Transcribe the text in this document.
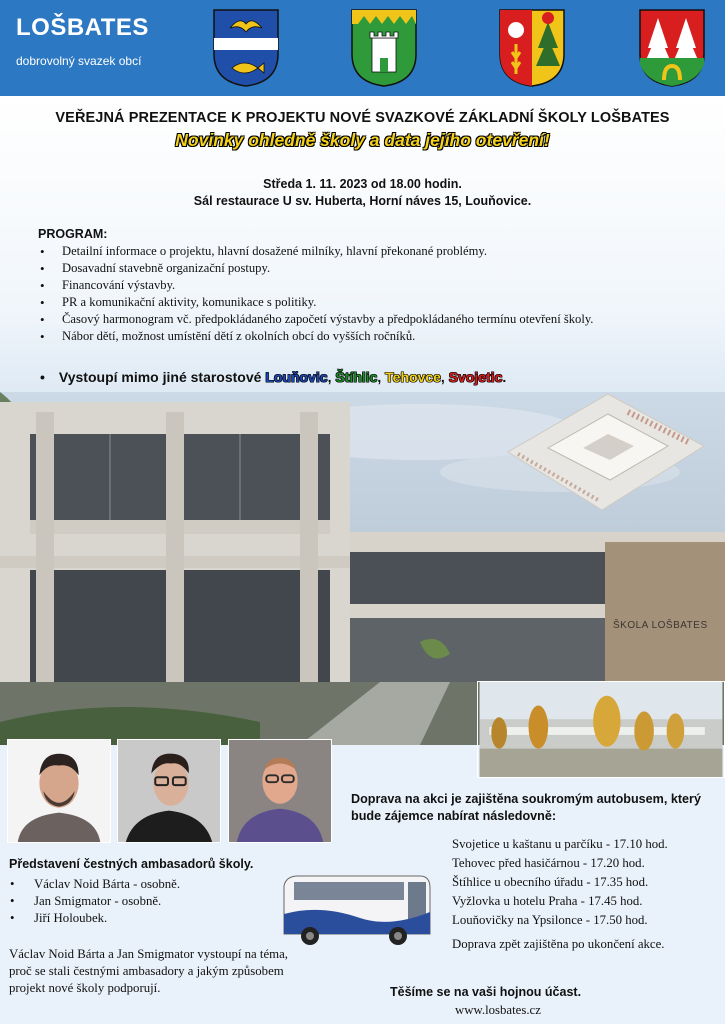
LOŠBATES
dobrovolný svazek obcí
VEŘEJNÁ PREZENTACE K PROJEKTU NOVÉ SVAZKOVÉ ZÁKLADNÍ ŠKOLY LOŠBATES
Novinky ohledně školy a data jejího otevření!
Středa 1. 11. 2023 od 18.00 hodin.
Sál restaurace U sv. Huberta, Horní náves 15, Louňovice.
PROGRAM:
• Detailní informace o projektu, hlavní dosažené milníky, hlavní překonané problémy.
• Dosavadní stavebně organizační postupy.
• Financování výstavby.
• PR a komunikační aktivity, komunikace s politiky.
• Časový harmonogram vč. předpokládaného započetí výstavby a předpokládaného termínu otevření školy.
• Nábor dětí, možnost umístění dětí z okolních obcí do vyšších ročníků.
ŠKOLA LOŠBATES
• Vystoupí mimo jiné starostové Louňovic, Štíhlic, Tehovce, Svojetic.
Doprava na akci je zajištěna soukromým autobusem, který bude zájemce nabírat následovně:
Představení čestných ambasadorů školy.
• Václav Noid Bárta - osobně.
• Jan Smigmator - osobně.
• Jiří Holoubek.
Václav Noid Bárta a Jan Smigmator vystoupí na téma, proč se stali čestnými ambasadory a jakým způsobem projekt nové školy podporují.
Svojetice u kaštanu u parčíku - 17.10 hod.
Tehovec před hasičárnou - 17.20 hod.
Štíhlice u obecního úřadu - 17.35 hod.
Vyžlovka u hotelu Praha - 17.45 hod.
Louňovičky na Ypsilonce - 17.50 hod.
Doprava zpět zajištěna po ukončení akce.
Těšíme se na vaši hojnou účast.
www.losbates.cz
